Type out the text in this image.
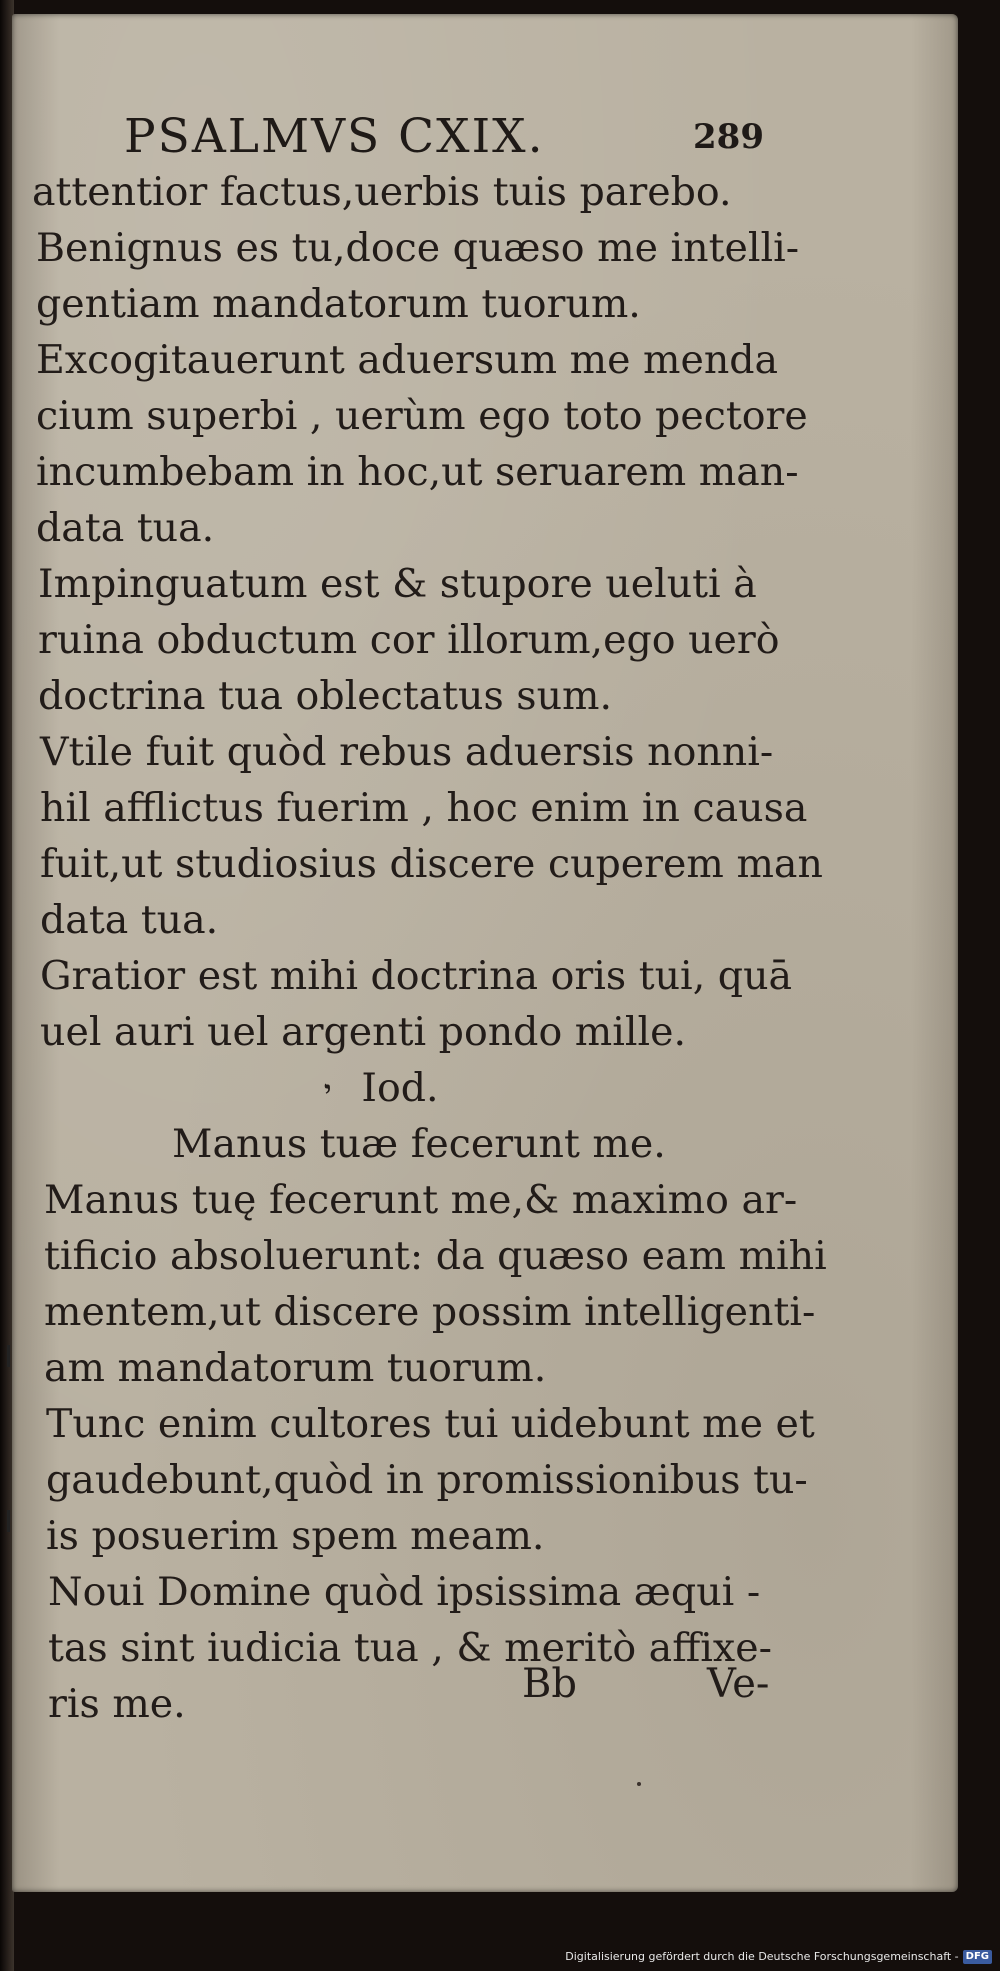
PSALMVS CXIX.	289
attentior factus,uerbis tuis parebo.
Benignus es tu,doce quæso me intelli-
gentiam mandatorum tuorum.
Excogitauerunt aduersum me menda
cium superbi , uerùm ego toto pectore
incumbebam in hoc,ut seruarem man-
data tua.
Impinguatum est & stupore ueluti à
ruina obductum cor illorum,ego uerò
doctrina tua oblectatus sum.
Vtile fuit quòd rebus aduersis nonni-
hil afflictus fuerim , hoc enim in causa
fuit,ut studiosius discere cuperem man
data tua.
Gratior est mihi doctrina oris tui, quā
uel auri uel argenti pondo mille.
י Iod.
Manus tuæ fecerunt me.
Manus tuę fecerunt me,& maximo ar-
tificio absoluerunt: da quæso eam mihi
mentem,ut discere possim intelligenti-
am mandatorum tuorum.
Tunc enim cultores tui uidebunt me et
gaudebunt,quòd in promissionibus tu-
is posuerim spem meam.
Noui Domine quòd ipsissima æqui -
tas sint iudicia tua , & meritò affixe-
ris me.	Bb	Ve-
Digitalisierung gefördert durch die Deutsche Forschungsgemeinschaft - DFG
